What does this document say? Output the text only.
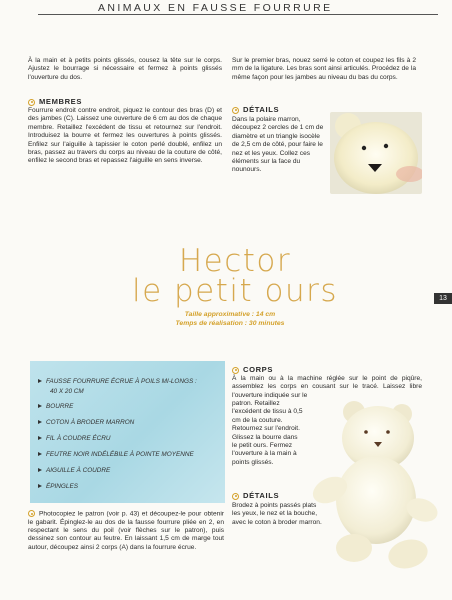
ANIMAUX EN FAUSSE FOURRURE
À la main et à petits points glissés, cousez la tête sur le corps. Ajustez le bourrage si nécessaire et fermez à points glissés l'ouverture du dos.
Sur le premier bras, nouez serré le coton et coupez les fils à 2 mm de la ligature. Les bras sont ainsi articulés. Procédez de la même façon pour les jambes au niveau du bas du corps.
MEMBRES
Fourrure endroit contre endroit, piquez le contour des bras (D) et des jambes (C). Laissez une ouverture de 6 cm au dos de chaque membre. Retaillez l'excédent de tissu et retournez sur l'endroit. Introduisez la bourre et fermez les ouvertures à points glissés. Enfilez sur l'aiguille à tapissier le coton perlé doublé, enfilez un bras, passez au travers du corps au niveau de la couture de côté, enfilez le second bras et repassez l'aiguille en sens inverse.
DÉTAILS
Dans la polaire marron, découpez 2 cercles de 1 cm de diamètre et un triangle isocèle de 2,5 cm de côté, pour faire le nez et les yeux. Collez ces éléments sur la face du nounours.
Hector
le petit ours
Taille approximative : 14 cm
Temps de réalisation : 30 minutes
13
FAUSSE FOURRURE ÉCRUE À POILS MI-LONGS :
40 X 20 CM
BOURRE
COTON À BRODER MARRON
FIL À COUDRE ÉCRU
FEUTRE NOIR INDÉLÉBILE À POINTE MOYENNE
AIGUILLE À COUDRE
ÉPINGLES
Photocopiez le patron (voir p. 43) et découpez-le pour obtenir le gabarit. Épinglez-le au dos de la fausse fourrure pliée en 2, en respectant le sens du poil (voir flèches sur le patron), puis dessinez son contour au feutre. En laissant 1,5 cm de marge tout autour, découpez ainsi 2 corps (A) dans la fourrure écrue.
CORPS
À la main ou à la machine réglée sur le point de piqûre, assemblez les corps en cousant sur le tracé. Laissez libre l'ouverture indiquée sur le
patron. Retaillez l'excédent de tissu à 0,5 cm de la couture. Retournez sur l'endroit. Glissez la bourre dans le petit ours. Fermez l'ouverture à la main à points glissés.
DÉTAILS
Brodez à points passés plats les yeux, le nez et la bouche, avec le coton à broder marron.
